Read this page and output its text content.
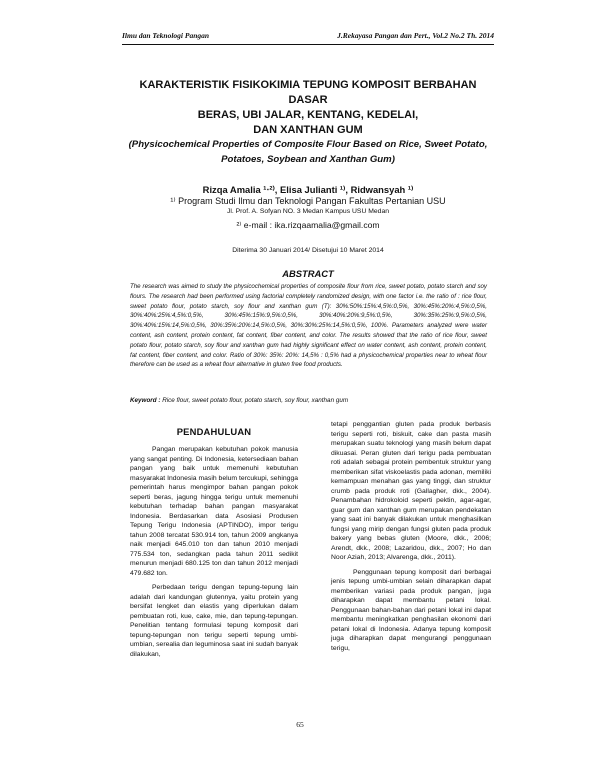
Ilmu dan Teknologi Pangan	J.Rekayasa Pangan dan Pert., Vol.2 No.2 Th. 2014
KARAKTERISTIK FISIKOKIMIA TEPUNG KOMPOSIT BERBAHAN DASAR
BERAS, UBI JALAR, KENTANG, KEDELAI,
DAN XANTHAN GUM
(Physicochemical Properties of Composite Flour Based on Rice, Sweet Potato,
Potatoes, Soybean and Xanthan Gum)
Rizqa Amalia ¹⋅²⁾, Elisa Julianti ¹⁾, Ridwansyah ¹⁾
¹⁾ Program Studi Ilmu dan Teknologi Pangan Fakultas Pertanian USU
Jl. Prof. A. Sofyan NO. 3 Medan Kampus USU Medan
²⁾ e-mail : ika.rizqaamalia@gmail.com
Diterima 30 Januari 2014/ Disetujui 10 Maret 2014
ABSTRACT
The research was aimed to study the physicochemical properties of composite flour from rice, sweet potato, potato starch and soy flours. The research had been performed using factorial completely randomized design, with one factor i.e. the ratio of : rice flour, sweet potato flour, potato starch, soy flour and xanthan gum (T): 30%:50%:15%:4,5%:0,5%, 30%:45%:20%:4,5%:0,5%, 30%:40%:25%:4,5%:0,5%, 30%:45%:15%:9,5%:0,5%, 30%:40%:20%:9,5%:0,5%, 30%:35%:25%:9,5%:0,5%, 30%:40%:15%:14,5%:0,5%, 30%:35%:20%:14,5%:0,5%, 30%:30%:25%:14,5%:0,5%, 100%. Parameters analyzed were water content, ash content, protein content, fat content, fiber content, and color. The results showed that the ratio of rice flour, sweet potato flour, potato starch, soy flour and xanthan gum had highly significant effect on water content, ash content, protein content, fat content, fiber content, and color. Ratio of 30%: 35%: 20%: 14,5% : 0,5% had a physicochemical properties near to wheat flour therefore can be used as a wheat flour alternative in gluten free food products.
Keyword : Rice flour, sweet potato flour, potato starch, soy flour, xanthan gum
PENDAHULUAN

Pangan merupakan kebutuhan pokok manusia yang sangat penting. Di Indonesia, ketersediaan bahan pangan yang baik untuk memenuhi kebutuhan masyarakat Indonesia masih belum tercukupi, sehingga pemerintah harus mengimpor bahan pangan pokok seperti beras, jagung hingga terigu untuk memenuhi kebutuhan terhadap bahan pangan masyarakat Indonesia. Berdasarkan data Asosiasi Produsen Tepung Terigu Indonesia (APTINDO), impor terigu tahun 2008 tercatat 530.914 ton, tahun 2009 angkanya naik menjadi 645.010 ton dan tahun 2010 menjadi 775.534 ton, sedangkan pada tahun 2011 sedikit menurun menjadi 680.125 ton dan tahun 2012 menjadi 479.682 ton.

Perbedaan terigu dengan tepung-tepung lain adalah dari kandungan glutennya, yaitu protein yang bersifat lengket dan elastis yang diperlukan dalam pembuatan roti, kue, cake, mie, dan tepung-tepungan. Penelitian tentang formulasi tepung komposit dari tepung-tepungan non terigu seperti tepung umbi-umbian, serealia dan leguminosa saat ini sudah banyak dilakukan,

tetapi penggantian gluten pada produk berbasis terigu seperti roti, biskuit, cake dan pasta masih merupakan suatu teknologi yang masih belum dapat dikuasai. Peran gluten dari terigu pada pembuatan roti adalah sebagai protein pembentuk struktur yang memberikan sifat viskoelastis pada adonan, memiliki kemampuan menahan gas yang tinggi, dan struktur crumb pada produk roti (Gallagher, dkk., 2004). Penambahan hidrokoloid seperti pektin, agar-agar, guar gum dan xanthan gum merupakan pendekatan yang saat ini banyak dilakukan untuk menghasilkan fungsi yang mirip dengan fungsi gluten pada produk bakery yang bebas gluten (Moore, dkk., 2006; Arendt, dkk., 2008; Lazaridou, dkk., 2007; Ho dan Noor Aziah, 2013; Alvarenga, dkk., 2011).

Penggunaan tepung komposit dari berbagai jenis tepung umbi-umbian selain diharapkan dapat memberikan variasi pada produk pangan, juga diharapkan dapat membantu petani lokal. Penggunaan bahan-bahan dari petani lokal ini dapat membantu meningkatkan penghasilan ekonomi dari petani lokal di Indonesia. Adanya tepung komposit juga diharapkan dapat mengurangi penggunaan terigu,

65
